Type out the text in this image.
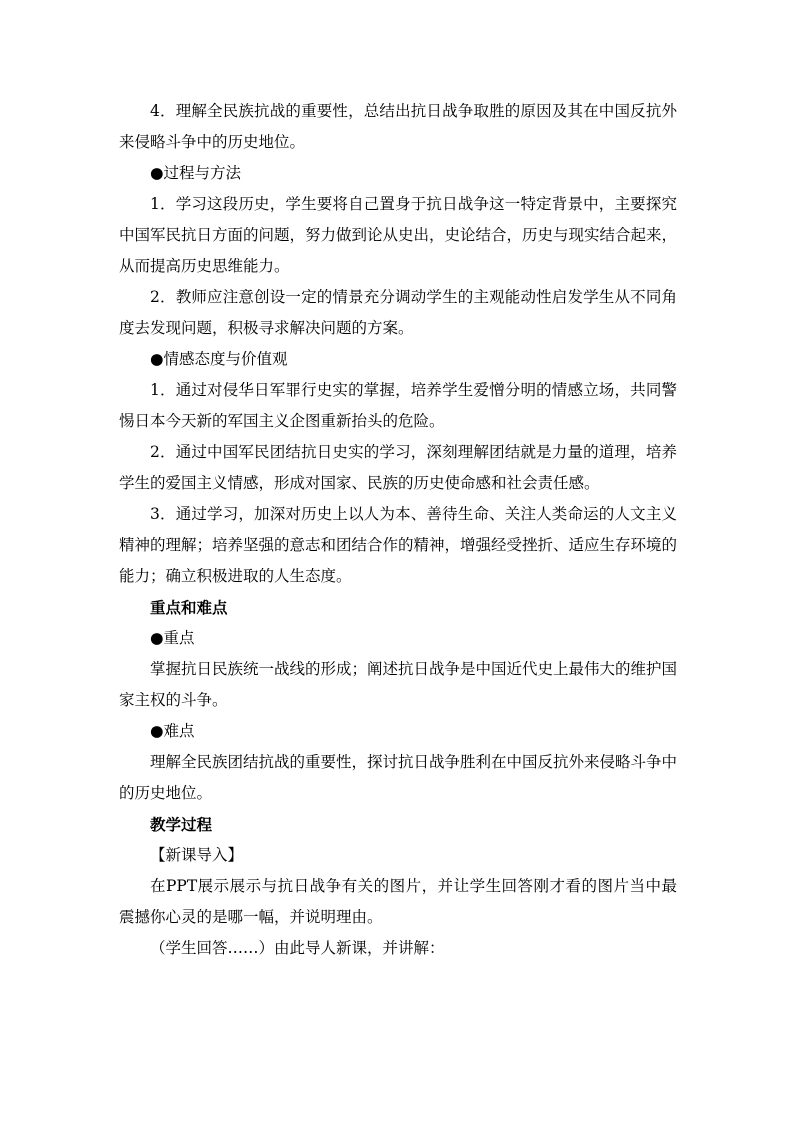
4．理解全民族抗战的重要性，总结出抗日战争取胜的原因及其在中国反抗外来侵略斗争中的历史地位。

●过程与方法

1．学习这段历史，学生要将自己置身于抗日战争这一特定背景中，主要探究中国军民抗日方面的问题，努力做到论从史出，史论结合，历史与现实结合起来，从而提高历史思维能力。

2．教师应注意创设一定的情景充分调动学生的主观能动性启发学生从不同角度去发现问题，积极寻求解决问题的方案。

●情感态度与价值观

1．通过对侵华日军罪行史实的掌握，培养学生爱憎分明的情感立场，共同警惕日本今天新的军国主义企图重新抬头的危险。

2．通过中国军民团结抗日史实的学习，深刻理解团结就是力量的道理，培养学生的爱国主义情感，形成对国家、民族的历史使命感和社会责任感。

3．通过学习，加深对历史上以人为本、善待生命、关注人类命运的人文主义精神的理解；培养坚强的意志和团结合作的精神，增强经受挫折、适应生存环境的能力；确立积极进取的人生态度。

重点和难点

●重点

掌握抗日民族统一战线的形成；阐述抗日战争是中国近代史上最伟大的维护国家主权的斗争。

●难点

理解全民族团结抗战的重要性，探讨抗日战争胜利在中国反抗外来侵略斗争中的历史地位。

教学过程

【新课导入】

在PPT展示展示与抗日战争有关的图片，并让学生回答刚才看的图片当中最震撼你心灵的是哪一幅，并说明理由。

（学生回答……）由此导人新课，并讲解：
